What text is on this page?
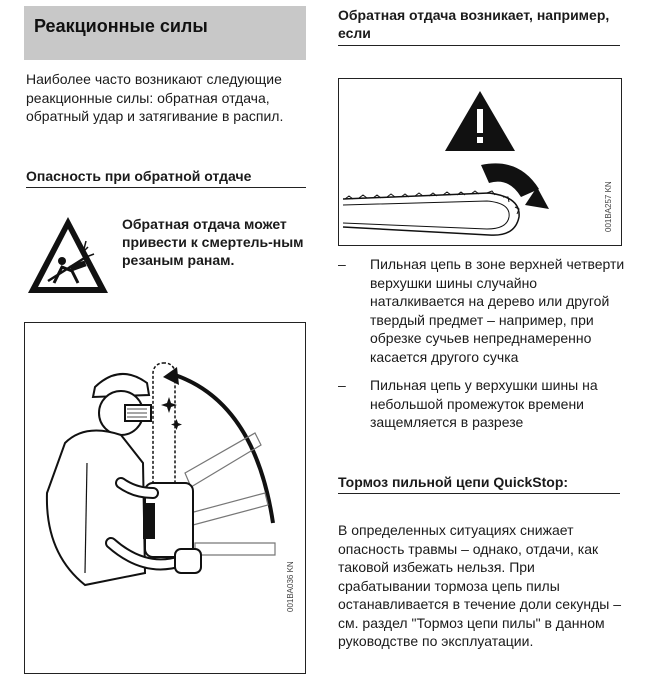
Реакционные силы
Наиболее часто возникают следующие реакционные силы: обратная отдача, обратный удар и затягивание в распил.
Опасность при обратной отдаче
Обратная отдача может привести к смертель-ным резаным ранам.
001BA036 KN
Обратная отдача возникает, например, если
001BA257 KN
– Пильная цепь в зоне верхней четверти верхушки шины случайно наталкивается на дерево или другой твердый предмет – например, при обрезке сучьев непреднамеренно касается другого сучка
– Пильная цепь у верхушки шины на небольшой промежуток времени защемляется в разрезе
Тормоз пильной цепи QuickStop:
В определенных ситуациях снижает опасность травмы – однако, отдачи, как таковой избежать нельзя. При срабатывании тормоза цепь пилы останавливается в течение доли секунды – см. раздел "Тормоз цепи пилы" в данном руководстве по эксплуатации.
